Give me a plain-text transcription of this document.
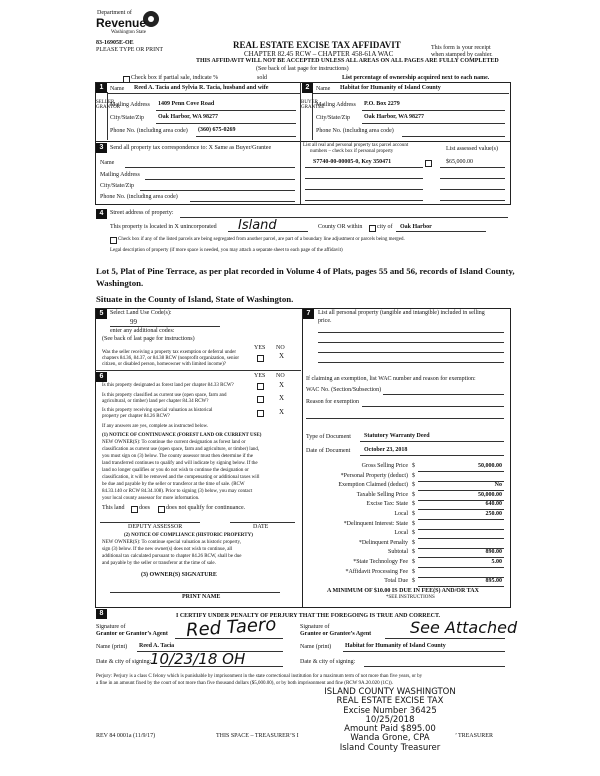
Department of
Revenue
Washington State
83-16905E-OE
PLEASE TYPE OR PRINT	REAL ESTATE EXCISE TAX AFFIDAVIT
CHAPTER 82.45 RCW – CHAPTER 458-61A WAC
THIS AFFIDAVIT WILL NOT BE ACCEPTED UNLESS ALL AREAS ON ALL PAGES ARE FULLY COMPLETED
(See back of last page for instructions)
This form is your receipt
when stamped by cashier.
Check box if partial sale, indicate %	sold	List percentage of ownership acquired next to each name.
1	2
SELLER GRANTOR
BUYER GRANTEE
Name Reed A. Tacia and Sylvia R. Tacia, husband and wife
Mailing Address 1409 Penn Cove Road
City/State/Zip Oak Harbor, WA 98277
Phone No. (including area code) (360) 675-0269
Name Habitat for Humanity of Island County
Mailing Address P.O. Box 2279
City/State/Zip Oak Harbor, WA 98277
Phone No. (including area code)
3	Send all property tax correspondence to: X Same as Buyer/Grantee
Name
Mailing Address
City/State/Zip
Phone No. (including area code)
List all real and personal property tax parcel account
numbers – check box if personal property	List assessed value(s)
S7740-00-00005-0, Key 350471	$65,000.00
4	Street address of property:
This property is located in X unincorporated Island	County OR within city of Oak Harbor
Check box if any of the listed parcels are being segregated from another parcel, are part of a boundary line adjustment or parcels being merged.
Legal description of property (if more space is needed, you may attach a separate sheet to each page of the affidavit)
Lot 5, Plat of Pine Terrace, as per plat recorded in Volume 4 of Plats, pages 55 and 56, records of Island County,
Washington.
Situate in the County of Island, State of Washington.
5	Select Land Use Code(s):
99
enter any additional codes:
(See back of last page for instructions)
YES NO
Was the seller receiving a property tax exemption or deferral under
chapters 84.36, 84.37, or 84.38 RCW (nonprofit organization, senior
citizen, or disabled person, homeowner with limited income)?
X
6	YES NO
Is this property designated as forest land per chapter 84.33 RCW?	X
Is this property classified as current use (open space, farm and
agricultural, or timber) land per chapter 84.34 RCW?	X
Is this property receiving special valuation as historical
property per chapter 84.26 RCW?
X
If any answers are yes, complete as instructed below.
(1) NOTICE OF CONTINUANCE (FOREST LAND OR CURRENT USE)
NEW OWNER(S): To continue the current designation as forest land or
classification as current use (open space, farm and agriculture, or timber) land,
you must sign on (3) below. The county assessor must then determine if the
land transferred continues to qualify and will indicate by signing below. If the
land no longer qualifies or you do not wish to continue the designation or
classification, it will be removed and the compensating or additional taxes will
be due and payable by the seller or transferor at the time of sale. (RCW
84.33.140 or RCW 84.34.108). Prior to signing (3) below, you may contact
your local county assessor for more information.
This land does	does not qualify for continuance.
DEPUTY ASSESSOR	DATE
(2) NOTICE OF COMPLIANCE (HISTORIC PROPERTY)
NEW OWNER(S): To continue special valuation as historic property,
sign (3) below. If the new owner(s) does not wish to continue, all
additional tax calculated pursuant to chapter 84.26 RCW, shall be due
and payable by the seller or transferor at the time of sale.
(3) OWNER(S) SIGNATURE
PRINT NAME
7	List all personal property (tangible and intangible) included in selling
price.
If claiming an exemption, list WAC number and reason for exemption:
WAC No. (Section/Subsection)
Reason for exemption
Type of Document Statutory Warranty Deed
Date of Document October 23, 2018
Gross Selling Price $	50,000.00
*Personal Property (deduct) $
Exemption Claimed (deduct) $	No
Taxable Selling Price $	50,000.00
Excise Tax: State $	640.00
Local $	250.00
*Delinquent Interest: State $
Local $
*Delinquent Penalty $
Subtotal $	890.00
*State Technology Fee $	5.00
*Affidavit Processing Fee $
Total Due $	895.00
A MINIMUM OF $10.00 IS DUE IN FEE(S) AND/OR TAX
*SEE INSTRUCTIONS
8	I CERTIFY UNDER PENALTY OF PERJURY THAT THE FOREGOING IS TRUE AND CORRECT.
Signature of
Grantor or Grantor’s Agent Red Taero
Name (print) Reed A. Tacia
Date & city of signing:
10/23/18 OH
Signature of
Grantee or Grantee’s Agent See Attached
Name (print) Habitat for Humanity of Island County
Date & city of signing:
Perjury: Perjury is a class C felony which is punishable by imprisonment in the state correctional institution for a maximum term of not more than five years, or by
a fine in an amount fixed by the court of not more than five thousand dollars ($5,000.00), or by both imprisonment and fine (RCW 9A.20.020 (1C)).
ISLAND COUNTY WASHINGTON
REAL ESTATE EXCISE TAX
Excise Number 36425
10/25/2018
Amount Paid $895.00
Wanda Grone, CPA
Island County Treasurer
REV 84 0001a (11/9/17)	THIS SPACE – TREASURER’S I	’ TREASURER
